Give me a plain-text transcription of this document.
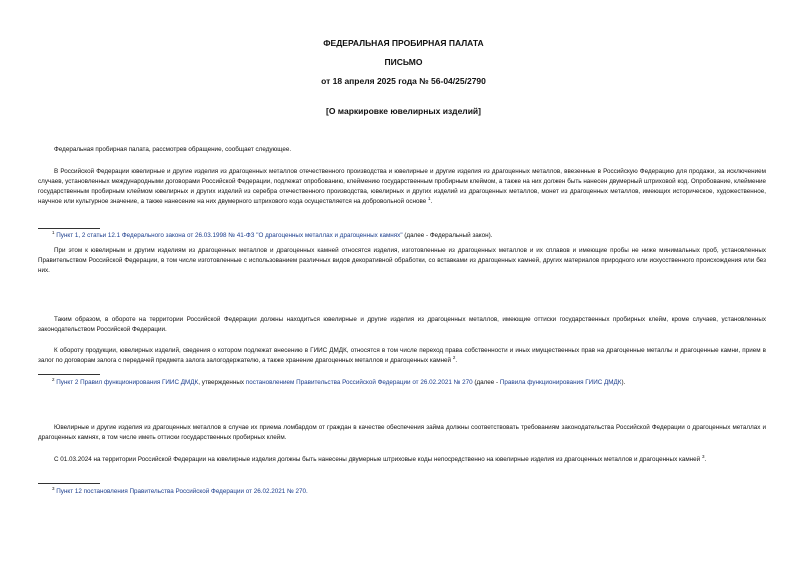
ФЕДЕРАЛЬНАЯ ПРОБИРНАЯ ПАЛАТА
ПИСЬМО
от 18 апреля 2025 года № 56-04/25/2790
[О маркировке ювелирных изделий]
Федеральная пробирная палата, рассмотрев обращение, сообщает следующее.
В Российской Федерации ювелирные и другие изделия из драгоценных металлов отечественного производства и ювелирные и другие изделия из драгоценных металлов, ввезенные в Российскую Федерацию для продажи, за исключением случаев, установленных международными договорами Российской Федерации, подлежат опробованию, клеймению государственным пробирным клеймом, а также на них должен быть нанесен двумерный штриховой код. Опробование, клеймение государственным пробирным клеймом ювелирных и других изделий из серебра отечественного производства, ювелирных и других изделий из драгоценных металлов, монет из драгоценных металлов, имеющих историческое, художественное, научное или культурное значение, а также нанесение на них двумерного штрихового кода осуществляется на добровольной основе $^1$.
$^1$ Пункт 1, 2 статьи 12.1 Федерального закона от 26.03.1998 № 41-ФЗ "О драгоценных металлах и драгоценных камнях" (далее - Федеральный закон).
При этом к ювелирным и другим изделиям из драгоценных металлов и драгоценных камней относятся изделия, изготовленные из драгоценных металлов и их сплавов и имеющие пробы не ниже минимальных проб, установленных Правительством Российской Федерации, в том числе изготовленные с использованием различных видов декоративной обработки, со вставками из драгоценных камней, других материалов природного или искусственного происхождения или без них.
Таким образом, в обороте на территории Российской Федерации должны находиться ювелирные и другие изделия из драгоценных металлов, имеющие оттиски государственных пробирных клейм, кроме случаев, установленных законодательством Российской Федерации.
К обороту продукции, ювелирных изделий, сведения о котором подлежат внесению в ГИИС ДМДК, относятся в том числе переход права собственности и иных имущественных прав на драгоценные металлы и драгоценные камни, прием в залог по договорам залога с передачей предмета залога залогодержателю, а также хранение драгоценных металлов и драгоценных камней $^2$.
$^2$ Пункт 2 Правил функционирования ГИИС ДМДК, утвержденных постановлением Правительства Российской Федерации от 26.02.2021 № 270 (далее - Правила функционирования ГИИС ДМДК).
Ювелирные и другие изделия из драгоценных металлов в случае их приема ломбардом от граждан в качестве обеспечения займа должны соответствовать требованиям законодательства Российской Федерации о драгоценных металлах и драгоценных камнях, в том числе иметь оттиски государственных пробирных клейм.
С 01.03.2024 на территории Российской Федерации на ювелирные изделия должны быть нанесены двумерные штриховые коды непосредственно на ювелирные изделия из драгоценных металлов и драгоценных камней $^3$.
$^3$ Пункт 12 постановления Правительства Российской Федерации от 26.02.2021 № 270.
